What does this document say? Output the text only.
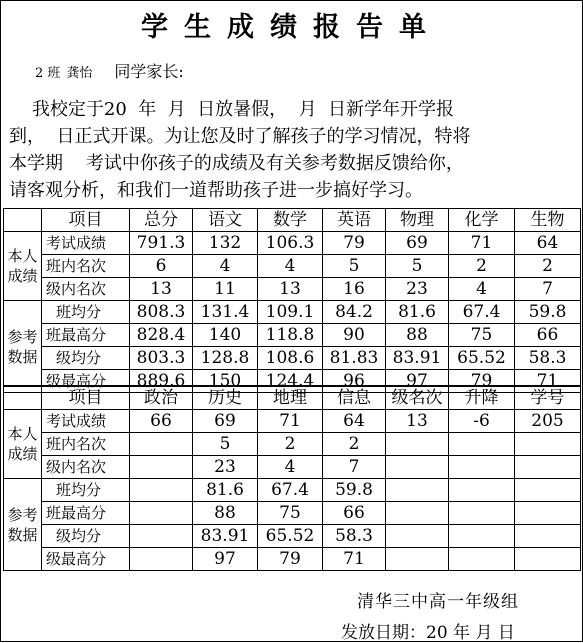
学生成绩报告单
2 班 龚怡 同学家长:
我校定于20  年  月  日放暑假，  月  日新学年开学报
到，  日正式开课。为让您及时了解孩子的学习情况，特将
本学期    考试中你孩子的成绩及有关参考数据反馈给你，
请客观分析，和我们一道帮助孩子进一步搞好学习。
	项目	总分	语文	数学	英语	物理	化学	生物
本人
成绩	考试成绩	791.3	132	106.3	79	69	71	64
	班内名次	6	4	4	5	5	2	2
	级内名次	13	11	13	16	23	4	7
参考
数据	班均分	808.3	131.4	109.1	84.2	81.6	67.4	59.8
	班最高分	828.4	140	118.8	90	88	75	66
	级均分	803.3	128.8	108.6	81.83	83.91	65.52	58.3
	级最高分	889.6	150	124.4	96	97	79	71
	项目	政治	历史	地理	信息	级名次	升降	学号
本人
成绩	考试成绩	66	69	71	64	13	-6	205
	班内名次		5	2	2			
	级内名次		23	4	7			
参考
数据	班均分		81.6	67.4	59.8			
	班最高分		88	75	66			
	级均分		83.91	65.52	58.3			
	级最高分		97	79	71			
清华三中高一年级组
发放日期：20 年 月 日
